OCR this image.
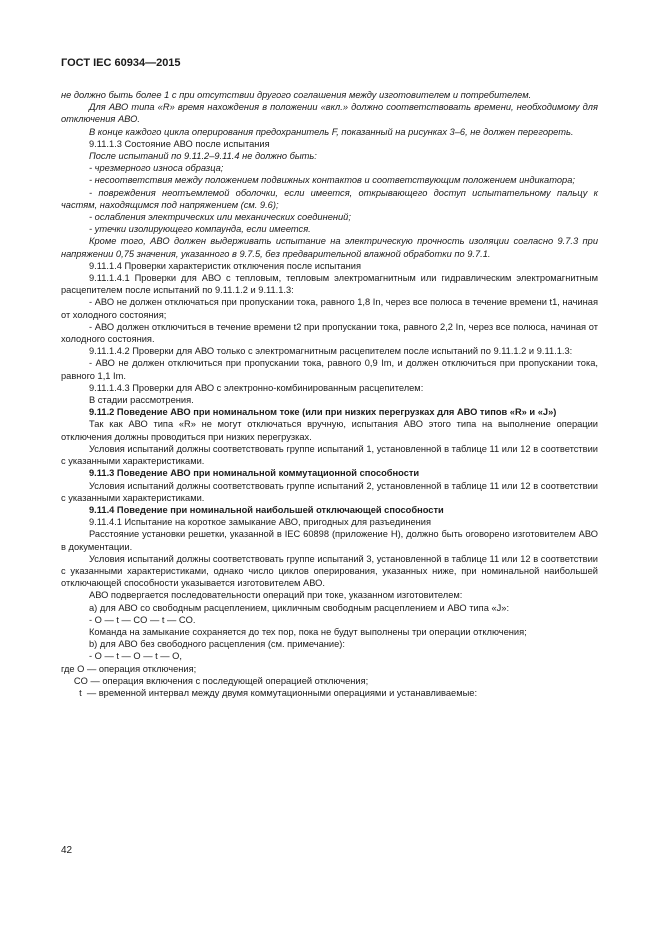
ГОСТ IEC 60934—2015

не должно быть более 1 с при отсутствии другого соглашения между изготовителем и потребителем.

Для АВО типа «R» время нахождения в положении «вкл.» должно соответствовать времени, необходимому для отключения АВО.

В конце каждого цикла оперирования предохранитель F, показанный на рисунках 3–6, не должен перегореть.

9.11.1.3 Состояние АВО после испытания

После испытаний по 9.11.2–9.11.4 не должно быть:

- чрезмерного износа образца;

- несоответствия между положением подвижных контактов и соответствующим положением индикатора;

- повреждения неотъемлемой оболочки, если имеется, открывающего доступ испытательному пальцу к частям, находящимся под напряжением (см. 9.6);

- ослабления электрических или механических соединений;

- утечки изолирующего компаунда, если имеется.

Кроме того, АВО должен выдерживать испытание на электрическую прочность изоляции согласно 9.7.3 при напряжении 0,75 значения, указанного в 9.7.5, без предварительной влажной обработки по 9.7.1.

9.11.1.4 Проверки характеристик отключения после испытания

9.11.1.4.1 Проверки для АВО с тепловым, тепловым электромагнитным или гидравлическим электромагнитным расцепителем после испытаний по 9.11.1.2 и 9.11.1.3:

- АВО не должен отключаться при пропускании тока, равного 1,8 In, через все полюса в течение времени t1, начиная от холодного состояния;

- АВО должен отключиться в течение времени t2 при пропускании тока, равного 2,2 In, через все полюса, начиная от холодного состояния.

9.11.1.4.2 Проверки для АВО только с электромагнитным расцепителем после испытаний по 9.11.1.2 и 9.11.1.3:

- АВО не должен отключиться при пропускании тока, равного 0,9 Im, и должен отключиться при пропускании тока, равного 1,1 Im.

9.11.1.4.3 Проверки для АВО с электронно-комбинированным расцепителем:

В стадии рассмотрения.

9.11.2 Поведение АВО при номинальном токе (или при низких перегрузках для АВО типов «R» и «J»)

Так как АВО типа «R» не могут отключаться вручную, испытания АВО этого типа на выполнение операции отключения должны проводиться при низких перегрузках.

Условия испытаний должны соответствовать группе испытаний 1, установленной в таблице 11 или 12 в соответствии с указанными характеристиками.

9.11.3 Поведение АВО при номинальной коммутационной способности

Условия испытаний должны соответствовать группе испытаний 2, установленной в таблице 11 или 12 в соответствии с указанными характеристиками.

9.11.4 Поведение при номинальной наибольшей отключающей способности

9.11.4.1 Испытание на короткое замыкание АВО, пригодных для разъединения

Расстояние установки решетки, указанной в IEC 60898 (приложение H), должно быть оговорено изготовителем АВО в документации.

Условия испытаний должны соответствовать группе испытаний 3, установленной в таблице 11 или 12 в соответствии с указанными характеристиками, однако число циклов оперирования, указанных ниже, при номинальной наибольшей отключающей способности указывается изготовителем АВО.

АВО подвергается последовательности операций при токе, указанном изготовителем:

a) для АВО со свободным расцеплением, цикличным свободным расцеплением и АВО типа «J»:

- O — t — CO — t — CO.

Команда на замыкание сохраняется до тех пор, пока не будут выполнены три операции отключения;

b) для АВО без свободного расцепления (см. примечание):

- O — t — O — t — O,

где O — операция отключения;

CO — операция включения с последующей операцией отключения;

t  — временной интервал между двумя коммутационными операциями и устанавливаемые:

42
